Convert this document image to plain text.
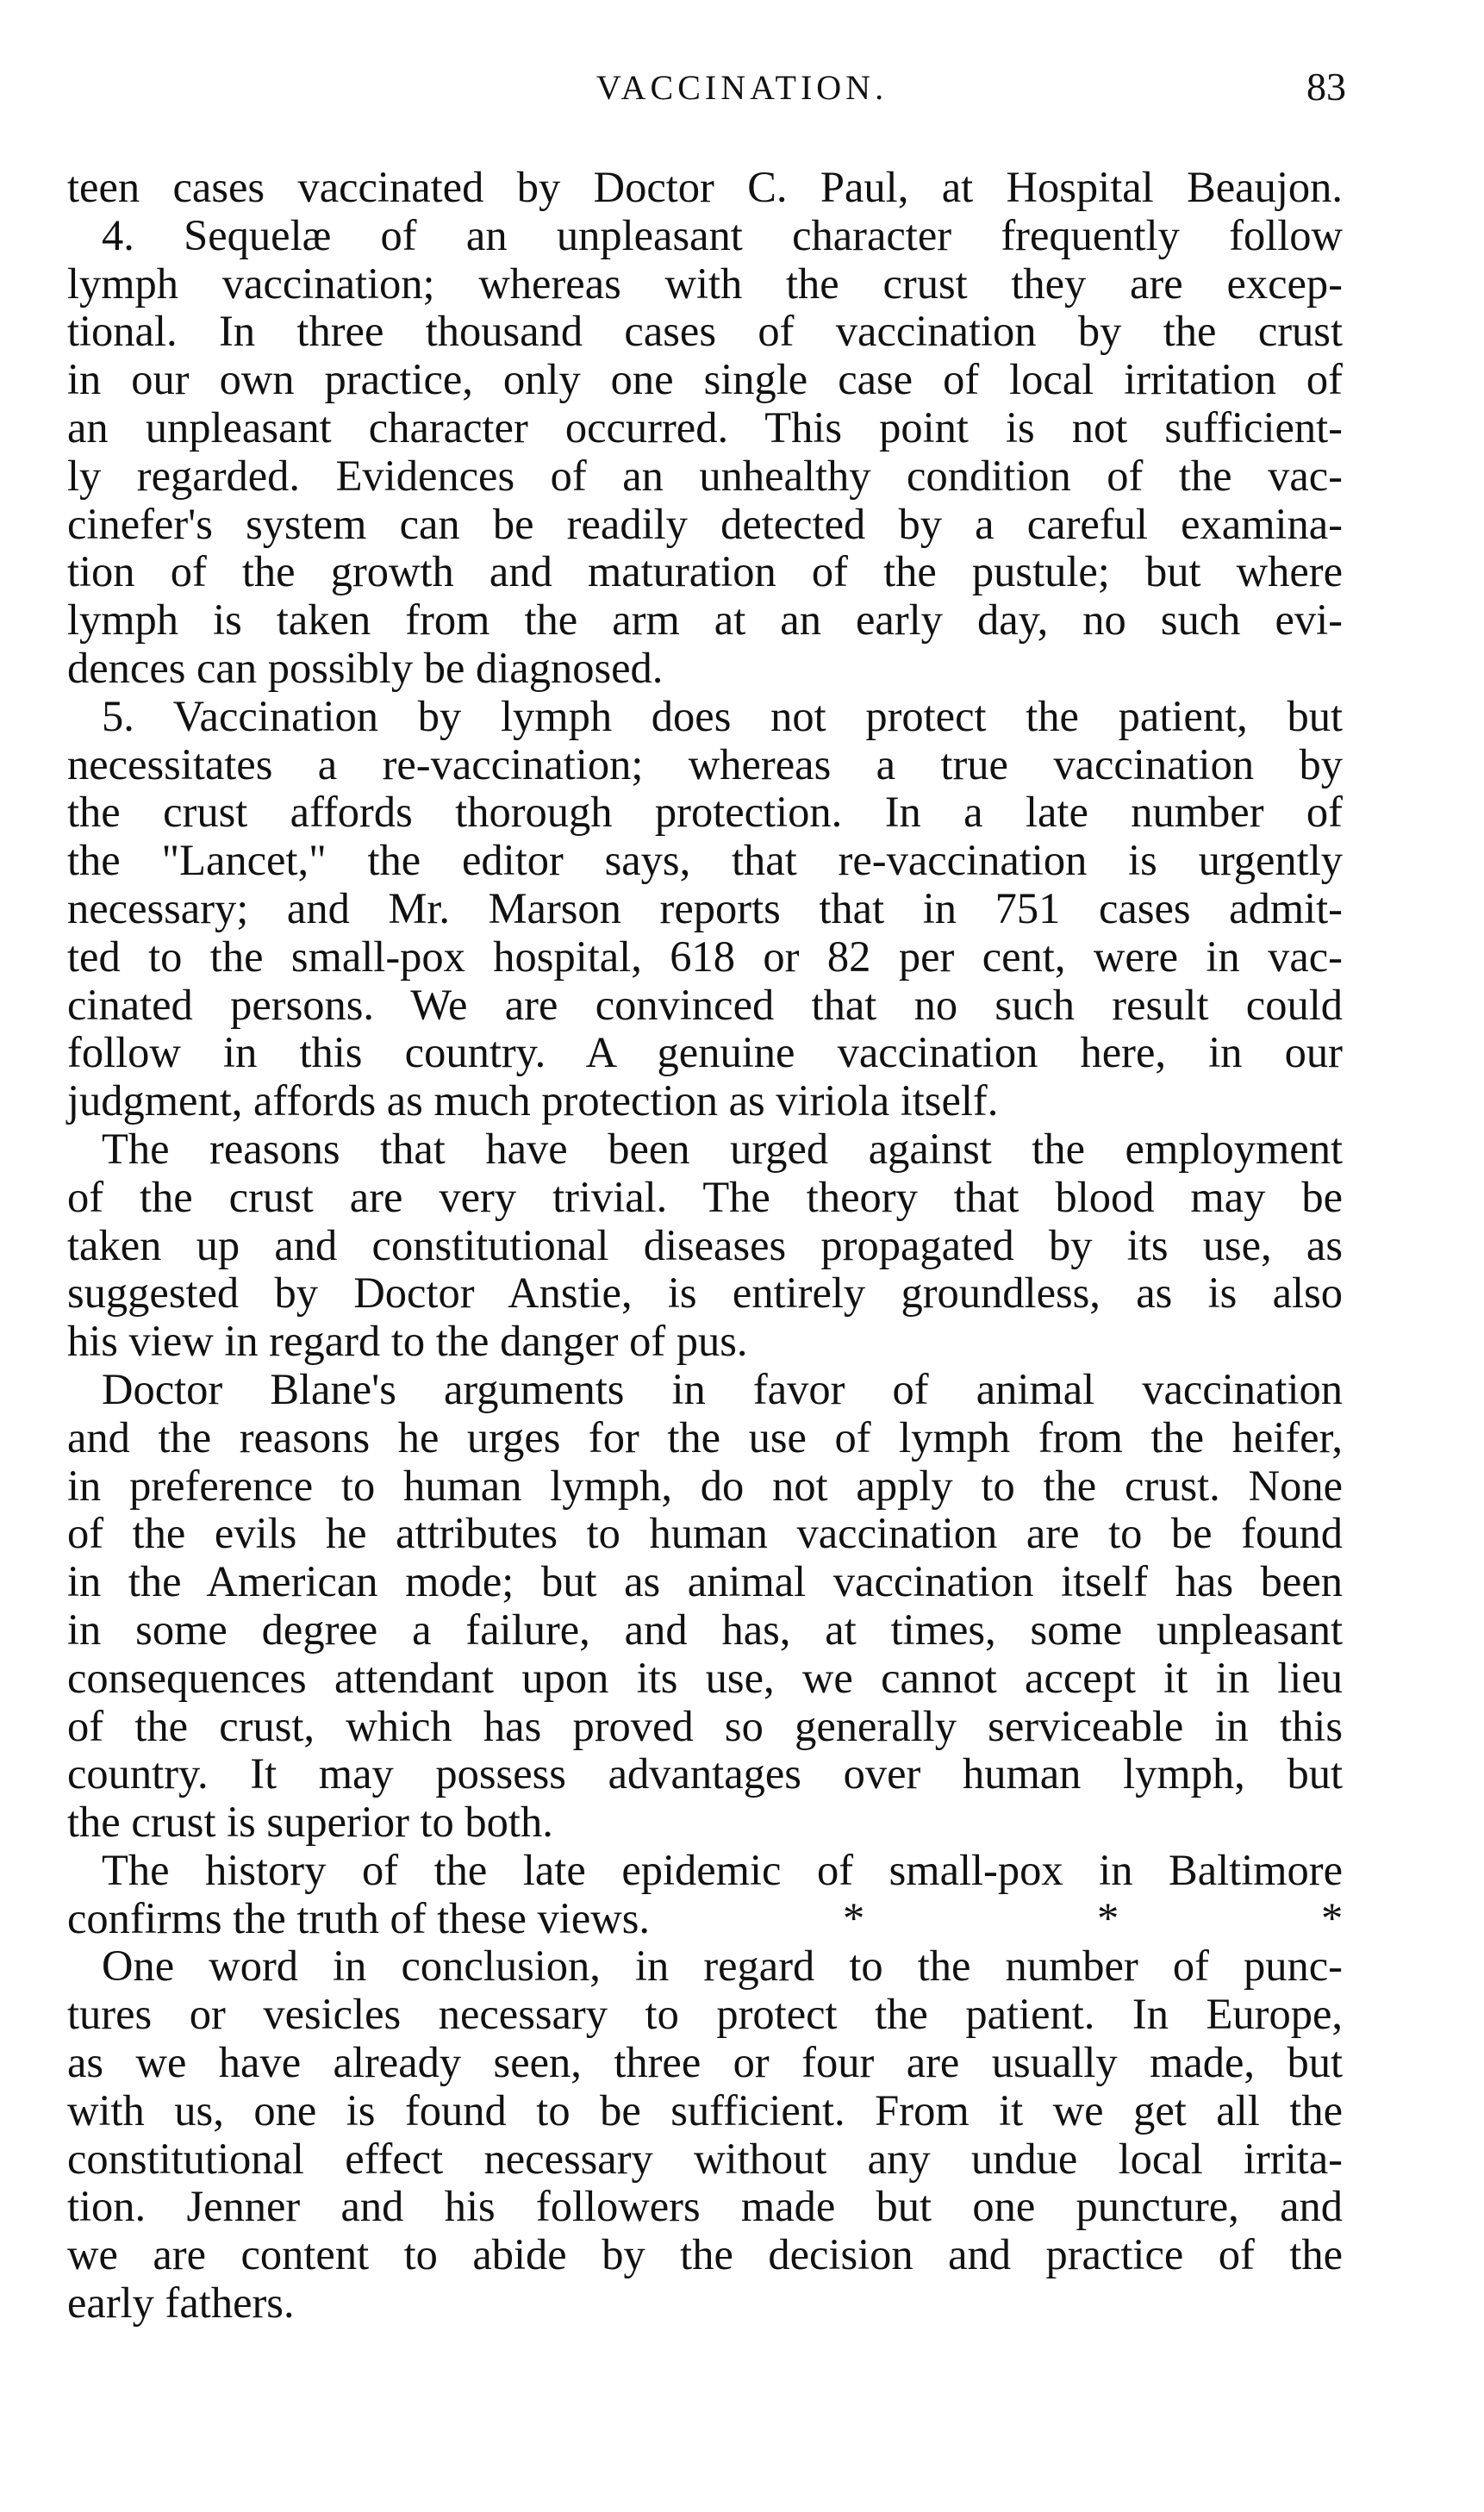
VACCINATION.	83
teen cases vaccinated by Doctor C. Paul, at Hospital Beaujon.
4. Sequelæ of an unpleasant character frequently follow
lymph vaccination; whereas with the crust they are excep-
tional. In three thousand cases of vaccination by the crust
in our own practice, only one single case of local irritation of
an unpleasant character occurred. This point is not sufficient-
ly regarded. Evidences of an unhealthy condition of the vac-
cinefer's system can be readily detected by a careful examina-
tion of the growth and maturation of the pustule; but where
lymph is taken from the arm at an early day, no such evi-
dences can possibly be diagnosed.
5. Vaccination by lymph does not protect the patient, but
necessitates a re-vaccination; whereas a true vaccination by
the crust affords thorough protection. In a late number of
the "Lancet," the editor says, that re-vaccination is urgently
necessary; and Mr. Marson reports that in 751 cases admit-
ted to the small-pox hospital, 618 or 82 per cent, were in vac-
cinated persons. We are convinced that no such result could
follow in this country. A genuine vaccination here, in our
judgment, affords as much protection as viriola itself.
The reasons that have been urged against the employment
of the crust are very trivial. The theory that blood may be
taken up and constitutional diseases propagated by its use, as
suggested by Doctor Anstie, is entirely groundless, as is also
his view in regard to the danger of pus.
Doctor Blane's arguments in favor of animal vaccination
and the reasons he urges for the use of lymph from the heifer,
in preference to human lymph, do not apply to the crust. None
of the evils he attributes to human vaccination are to be found
in the American mode; but as animal vaccination itself has been
in some degree a failure, and has, at times, some unpleasant
consequences attendant upon its use, we cannot accept it in lieu
of the crust, which has proved so generally serviceable in this
country. It may possess advantages over human lymph, but
the crust is superior to both.
The history of the late epidemic of small-pox in Baltimore
confirms the truth of these views.	*	*	*
One word in conclusion, in regard to the number of punc-
tures or vesicles necessary to protect the patient. In Europe,
as we have already seen, three or four are usually made, but
with us, one is found to be sufficient. From it we get all the
constitutional effect necessary without any undue local irrita-
tion. Jenner and his followers made but one puncture, and
we are content to abide by the decision and practice of the
early fathers.
